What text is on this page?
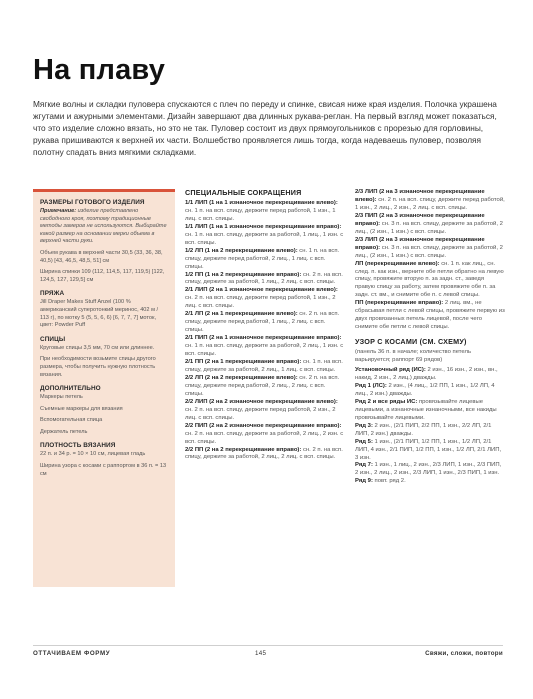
На плаву

Мягкие волны и складки пуловера спускаются с плеч по переду и спинке, свисая ниже края изделия. Полочка украшена жгутами и ажурными элементами. Дизайн завершают два длинных рукава-реглан. На первый взгляд может показаться, что это изделие сложно вязать, но это не так. Пуловер состоит из двух прямоугольников с прорезью для горловины, рукава пришиваются к верхней их части. Волшебство проявляется лишь тогда, когда надеваешь пуловер, позволяя полотну спадать вниз мягкими складками.

РАЗМЕРЫ ГОТОВОГО ИЗДЕЛИЯ

Примечание: изделие представлено свободного кроя, поэтому традиционные методы замеров не используются. Выбирайте какой размер на основании мерки объема в верхней части руки.

Объем рукава в верхней части 30,5 (33, 36, 38, 40,5) [43, 46,5, 48,5, 51] см

Ширина спинки 109 (112, 114,5, 117, 119,5) [122, 124,5, 127, 129,5] см

ПРЯЖА

Jill Draper Makes Stuff Anzel (100 % американский суперотонкий меринос, 402 м / 113 г), по мотку 5 (5, 5, 6, 6) [6, 7, 7, 7] моток, цвет: Powder Puff

СПИЦЫ

Круговые спицы 3,5 мм, 70 см или длиннее.

При необходимости возьмите спицы другого размера, чтобы получить нужную плотность вязания.

ДОПОЛНИТЕЛЬНО

Маркеры петель

Съемные маркеры для вязания

Вспомогательная спица

Держатель петель

ПЛОТНОСТЬ ВЯЗАНИЯ

22 п. и 34 р. = 10 × 10 см, лицевая гладь

Ширина узора с косами с раппортом в 36 п. = 13 см

СПЕЦИАЛЬНЫЕ СОКРАЩЕНИЯ

1/1 ЛИП (1 на 1 изнаночное перекрещивание влево): сн. 1 п. на всп. спицу, держите перед работой, 1 изн., 1 лиц. с всп. спицы.

1/1 ЛИП (1 на 1 изнаночное перекрещивание вправо): сн. 1 п. на всп. спицу, держите за работой, 1 лиц., 1 изн. с всп. спицы.

1/2 ЛП (1 на 2 перекрещивание влево): сн. 1 п. на всп. спицу, держите перед работой, 2 лиц., 1 лиц. с всп. спицы.

1/2 ПП (1 на 2 перекрещивание вправо): сн. 2 п. на всп. спицу, держите за работой, 1 лиц., 2 лиц. с всп. спицы.

2/1 ЛИП (2 на 1 изнаночное перекрещивание влево): сн. 2 п. на всп. спицу, держите перед работой, 1 изн., 2 лиц. с всп. спицы.

2/1 ЛП (2 на 1 перекрещивание влево): сн. 2 п. на всп. спицу, держите перед работой, 1 лиц., 2 лиц. с всп. спицы.

2/1 ПИП (2 на 1 изнаночное перекрещивание вправо): сн. 1 п. на всп. спицу, держите за работой, 2 лиц., 1 изн. с всп. спицы.

2/1 ПП (2 на 1 перекрещивание вправо): сн. 1 п. на всп. спицу, держите за работой, 2 лиц., 1 лиц. с всп. спицы.

2/2 ЛП (2 на 2 перекрещивание влево): сн. 2 п. на всп. спицу, держите перед работой, 2 лиц., 2 лиц. с всп. спицы.

2/2 ЛИП (2 на 2 изнаночное перекрещивание влево): сн. 2 п. на всп. спицу, держите перед работой, 2 изн., 2 лиц. с всп. спицы.

2/2 ПИП (2 на 2 изнаночное перекрещивание вправо): сн. 2 п. на всп. спицу, держите за работой, 2 лиц., 2 изн. с всп. спицы.

2/2 ПП (2 на 2 перекрещивание вправо): сн. 2 п. на всп. спицу, держите за работой, 2 лиц., 2 лиц. с всп. спицы.

2/3 ЛИП (2 на 3 изнаночное перекрещивание влево): сн. 2 п. на всп. спицу, держите перед работой, 1 изн., 2 лиц., 2 изн., 2 лиц. с всп. спицы.

2/3 ПИП (2 на 3 изнаночное перекрещивание вправо): сн. 3 п. на всп. спицу, держите за работой, 2 лиц., (2 изн., 1 изн.) с всп. спицы.

2/3 ЛИП (2 на 3 изнаночное перекрещивание вправо): сн. 3 п. на всп. спицу, держите за работой, 2 лиц., (2 изн., 1 изн.) с всп. спицы.

ЛП (перекрещивание влево): сн. 1 п. как лиц., сн. след. п. как изн., верните обе петли обратно на левую спицу, провяжите вторую п. за задн. ст., заведя правую спицу за работу, затем провяжите обе п. за задн. ст. вм., и снимите обе п. с левой спицы.

ПП (перекрещивание вправо): 2 лиц. вм., не сбрасывая петли с левой спицы, провяжите первую из двух провязанных петель лицевой, после чего снимите обе петли с левой спицы.

УЗОР С КОСАМИ (СМ. СХЕМУ)

(панель 36 п. в начале; количество петель варьируется; раппорт 69 рядов)

Установочный ряд (ИС): 2 изн., 16 изн., 2 изн., вн., накид, 2 изн., 2 лиц.) дважды.

Ряд 1 (ЛС): 2 изн., (4 лиц., 1/2 ПП, 1 изн., 1/2 ЛП, 4 лиц., 2 изн.) дважды.

Ряд 2 и все ряды ИС: провязывайте лицевые лицевыми, а изнаночные изнаночными, все накиды провязывайте лицевыми.

Ряд 3: 2 изн., (2/1 ПИП, 2/2 ПП, 1 изн., 2/2 ЛП, 2/1 ЛИП, 2 изн.) дважды.

Ряд 5: 1 изн., (2/1 ПИП, 1/2 ПП, 1 изн., 1/2 ЛП, 2/1 ЛИП, 4 изн., 2/1 ПИП, 1/2 ПП, 1 изн., 1/2 ЛП, 2/1 ЛИП, 3 изн.

Ряд 7: 1 изн., 1 лиц., 2 изн., 2/3 ЛИП, 1 изн., 2/3 ПИП, 2 изн., 2 лиц., 2 изн., 2/3 ЛИП, 1 изн., 2/3 ПИП, 1 изн.

Ряд 9: повт. ряд 2.

ОТТАЧИВАЕМ ФОРМУ	145	Свяжи, сложи, повтори
